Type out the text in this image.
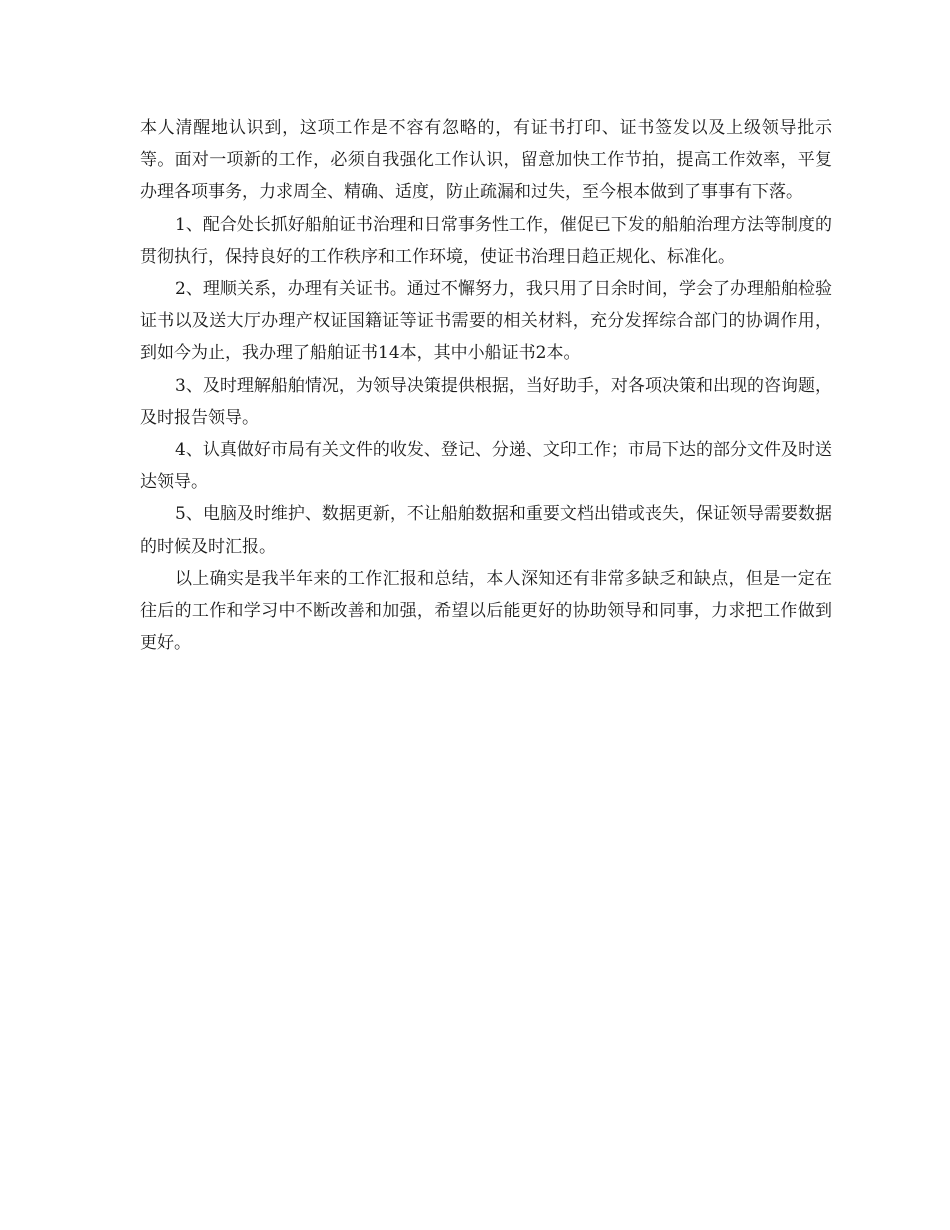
本人清醒地认识到，这项工作是不容有忽略的，有证书打印、证书签发以及上级领导批示等。面对一项新的工作，必须自我强化工作认识，留意加快工作节拍，提高工作效率，平复办理各项事务，力求周全、精确、适度，防止疏漏和过失，至今根本做到了事事有下落。

1、配合处长抓好船舶证书治理和日常事务性工作，催促已下发的船舶治理方法等制度的贯彻执行，保持良好的工作秩序和工作环境，使证书治理日趋正规化、标准化。

2、理顺关系，办理有关证书。通过不懈努力，我只用了日余时间，学会了办理船舶检验证书以及送大厅办理产权证国籍证等证书需要的相关材料，充分发挥综合部门的协调作用，到如今为止，我办理了船舶证书14本，其中小船证书2本。

3、及时理解船舶情况，为领导决策提供根据，当好助手，对各项决策和出现的咨询题，及时报告领导。

4、认真做好市局有关文件的收发、登记、分递、文印工作；市局下达的部分文件及时送达领导。

5、电脑及时维护、数据更新，不让船舶数据和重要文档出错或丧失，保证领导需要数据的时候及时汇报。

以上确实是我半年来的工作汇报和总结，本人深知还有非常多缺乏和缺点，但是一定在往后的工作和学习中不断改善和加强，希望以后能更好的协助领导和同事，力求把工作做到更好。
